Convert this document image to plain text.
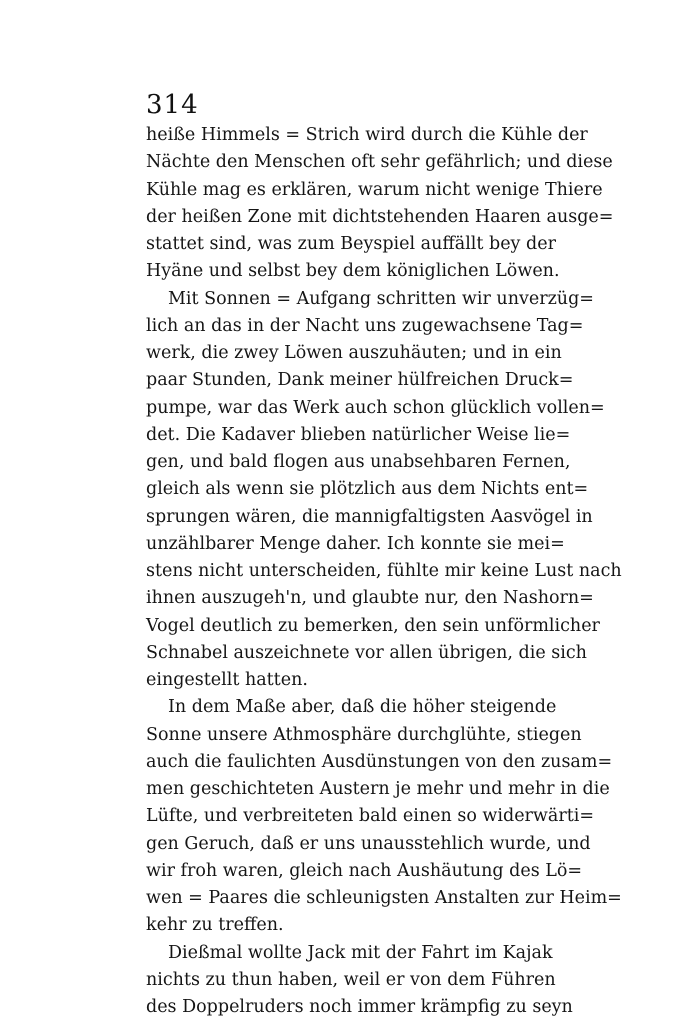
314
heiße Himmels = Strich wird durch die Kühle der
Nächte den Menschen oft sehr gefährlich; und diese
Kühle mag es erklären, warum nicht wenige Thiere
der heißen Zone mit dichtstehenden Haaren ausge=
stattet sind, was zum Beyspiel auffällt bey der
Hyäne und selbst bey dem königlichen Löwen.
Mit Sonnen = Aufgang schritten wir unverzüg=
lich an das in der Nacht uns zugewachsene Tag=
werk, die zwey Löwen auszuhäuten; und in ein
paar Stunden, Dank meiner hülfreichen Druck=
pumpe, war das Werk auch schon glücklich vollen=
det. Die Kadaver blieben natürlicher Weise lie=
gen, und bald flogen aus unabsehbaren Fernen,
gleich als wenn sie plötzlich aus dem Nichts ent=
sprungen wären, die mannigfaltigsten Aasvögel in
unzählbarer Menge daher. Ich konnte sie mei=
stens nicht unterscheiden, fühlte mir keine Lust nach
ihnen auszugeh'n, und glaubte nur, den Nashorn=
Vogel deutlich zu bemerken, den sein unförmlicher
Schnabel auszeichnete vor allen übrigen, die sich
eingestellt hatten.
In dem Maße aber, daß die höher steigende
Sonne unsere Athmosphäre durchglühte, stiegen
auch die faulichten Ausdünstungen von den zusam=
men geschichteten Austern je mehr und mehr in die
Lüfte, und verbreiteten bald einen so widerwärti=
gen Geruch, daß er uns unausstehlich wurde, und
wir froh waren, gleich nach Aushäutung des Lö=
wen = Paares die schleunigsten Anstalten zur Heim=
kehr zu treffen.
Dießmal wollte Jack mit der Fahrt im Kajak
nichts zu thun haben, weil er von dem Führen
des Doppelruders noch immer krämpfig zu seyn
